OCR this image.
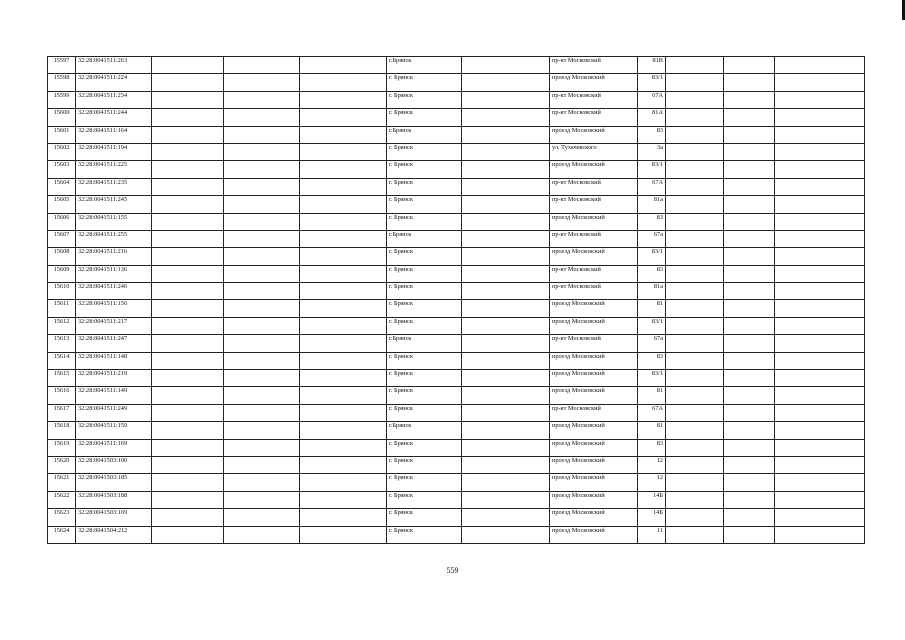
15597	32:28:0041511:263				г.Брянск		пр-кт Московский	81В			
15598	32:28:0041511:224				г. Брянск		проезд Московский	83/1			
15599	32:28:0041511:234				г. Брянск		пр-кт Московский	67А			
15600	32:28:0041511:244				г. Брянск		пр-кт Московский	81А			
15601	32:28:0041511:164				г.Брянск		проезд Московский	83			
15602	32:28:0041511:194				г. Брянск		ул. Тухачевского	3а			
15603	32:28:0041511:225				г. Брянск		проезд Московский	83/1			
15604	32:28:0041511:235				г. Брянск		пр-кт Московский	67А			
15605	32:28:0041511:245				г. Брянск		пр-кт Московский	81а			
15606	32:28:0041511:155				г. Брянск		проезд Московский	83			
15607	32:28:0041511:255				г.Брянск		пр-кт Московский	67а			
15608	32:28:0041511:216				г. Брянск		проезд Московский	83/1			
15609	32:28:0041511:136				г. Брянск		пр-кт Московский	83			
15610	32:28:0041511:246				г. Брянск		пр-кт Московский	81а			
15611	32:28:0041511:156				г. Брянск		проезд Московский	81			
15612	32:28:0041511:217				г. Брянск		проезд Московский	83/1			
15613	32:28:0041511:247				г.Брянск		пр-кт Московский	67а			
15614	32:28:0041511:148				г. Брянск		проезд Московский	83			
15615	32:28:0041511:219				г. Брянск		проезд Московский	83/1			
15616	32:28:0041511:149				г. Брянск		проезд Московский	81			
15617	32:28:0041511:249				г. Брянск		пр-кт Московский	67А			
15618	32:28:0041511:159				г.Брянск		проезд Московский	81			
15619	32:28:0041511:169				г. Брянск		проезд Московский	83			
15620	32:28:0041503:100				г. Брянск		проезд Московский	12			
15621	32:28:0041503:185				г. Брянск		проезд Московский	12			
15622	32:28:0041503:188				г. Брянск		проезд Московский	14Б			
15623	32:28:0041503:169				г. Брянск		проезд Московский	14Б			
15624	32:28:0041504:212				г. Брянск		проезд Московский	11			
559
